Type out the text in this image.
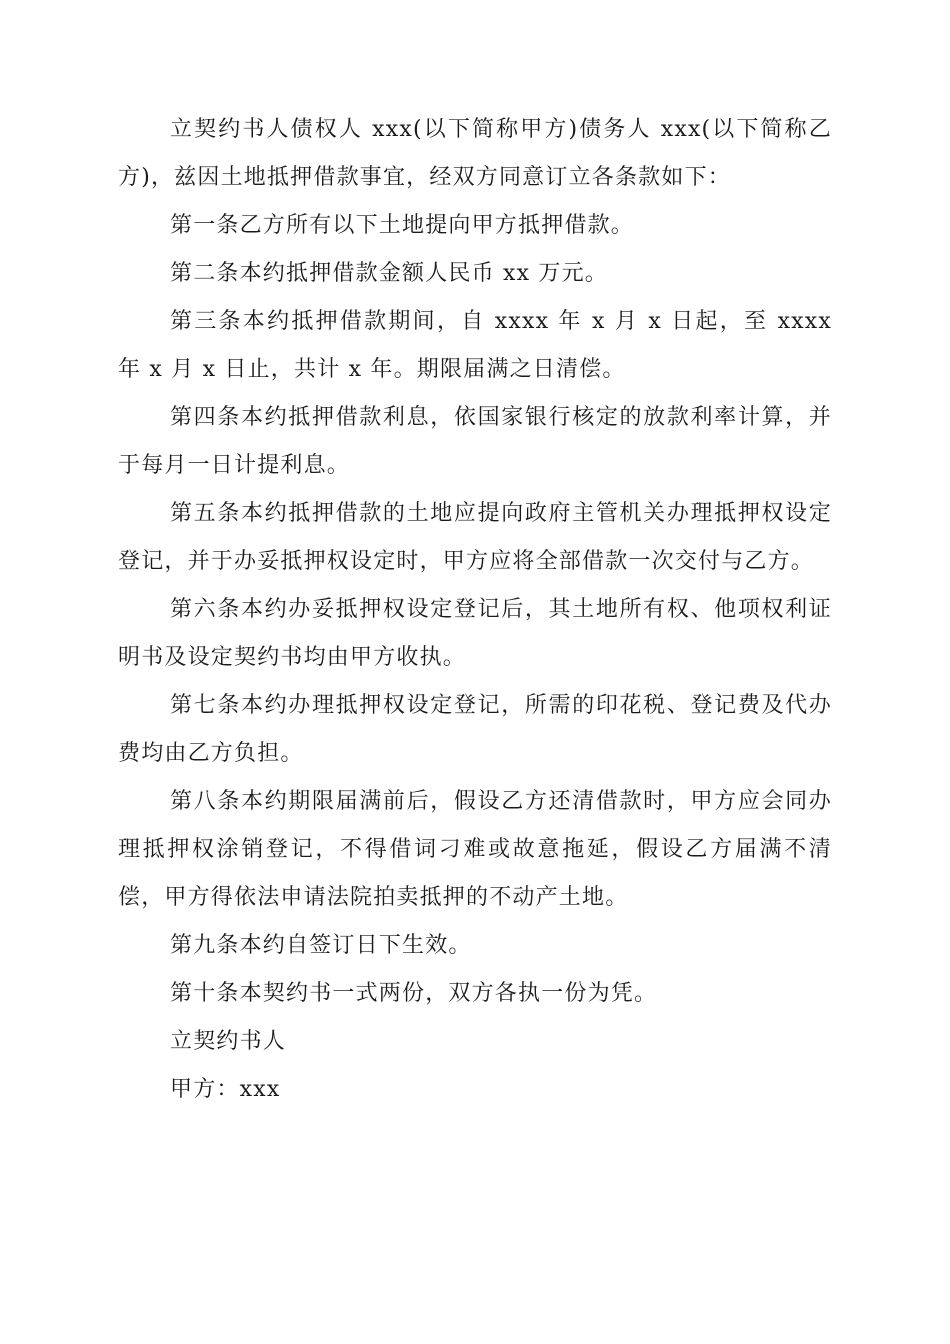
立契约书人债权人 xxx(以下简称甲方)债务人 xxx(以下简称乙方)，兹因土地抵押借款事宜，经双方同意订立各条款如下：

第一条乙方所有以下土地提向甲方抵押借款。

第二条本约抵押借款金额人民币 xx 万元。

第三条本约抵押借款期间，自 xxxx 年 x 月 x 日起，至 xxxx 年 x 月 x 日止，共计 x 年。期限届满之日清偿。

第四条本约抵押借款利息，依国家银行核定的放款利率计算，并于每月一日计提利息。

第五条本约抵押借款的土地应提向政府主管机关办理抵押权设定登记，并于办妥抵押权设定时，甲方应将全部借款一次交付与乙方。

第六条本约办妥抵押权设定登记后，其土地所有权、他项权利证明书及设定契约书均由甲方收执。

第七条本约办理抵押权设定登记，所需的印花税、登记费及代办费均由乙方负担。

第八条本约期限届满前后，假设乙方还清借款时，甲方应会同办理抵押权涂销登记，不得借词刁难或故意拖延，假设乙方届满不清偿，甲方得依法申请法院拍卖抵押的不动产土地。

第九条本约自签订日下生效。

第十条本契约书一式两份，双方各执一份为凭。

立契约书人

甲方：xxx
